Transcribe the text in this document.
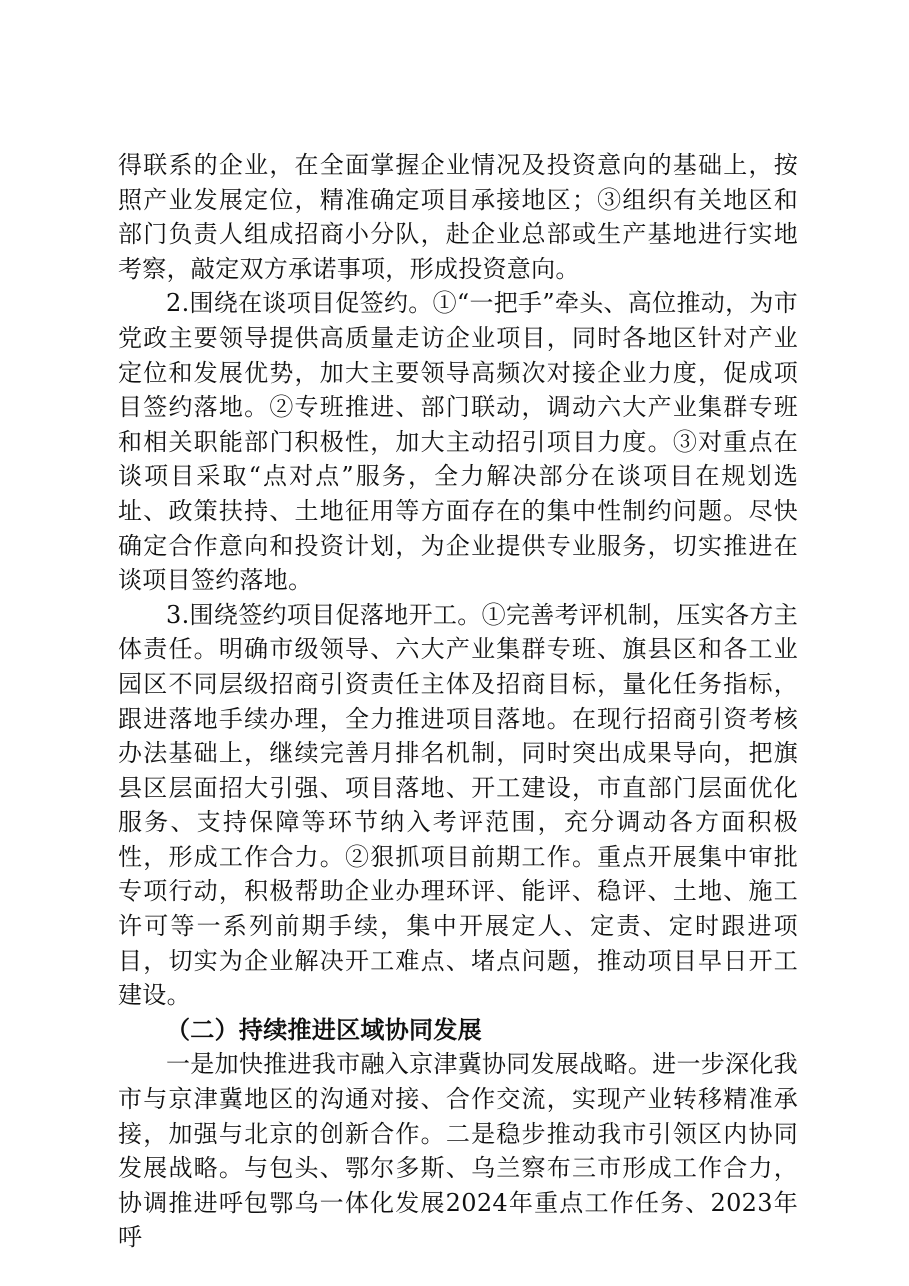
得联系的企业，在全面掌握企业情况及投资意向的基础上，按照产业发展定位，精准确定项目承接地区；③组织有关地区和部门负责人组成招商小分队，赴企业总部或生产基地进行实地考察，敲定双方承诺事项，形成投资意向。

2.围绕在谈项目促签约。①“一把手”牵头、高位推动，为市党政主要领导提供高质量走访企业项目，同时各地区针对产业定位和发展优势，加大主要领导高频次对接企业力度，促成项目签约落地。②专班推进、部门联动，调动六大产业集群专班和相关职能部门积极性，加大主动招引项目力度。③对重点在谈项目采取“点对点”服务，全力解决部分在谈项目在规划选址、政策扶持、土地征用等方面存在的集中性制约问题。尽快确定合作意向和投资计划，为企业提供专业服务，切实推进在谈项目签约落地。

3.围绕签约项目促落地开工。①完善考评机制，压实各方主体责任。明确市级领导、六大产业集群专班、旗县区和各工业园区不同层级招商引资责任主体及招商目标，量化任务指标，跟进落地手续办理，全力推进项目落地。在现行招商引资考核办法基础上，继续完善月排名机制，同时突出成果导向，把旗县区层面招大引强、项目落地、开工建设，市直部门层面优化服务、支持保障等环节纳入考评范围，充分调动各方面积极性，形成工作合力。②狠抓项目前期工作。重点开展集中审批专项行动，积极帮助企业办理环评、能评、稳评、土地、施工许可等一系列前期手续，集中开展定人、定责、定时跟进项目，切实为企业解决开工难点、堵点问题，推动项目早日开工建设。

（二）持续推进区域协同发展

一是加快推进我市融入京津冀协同发展战略。进一步深化我市与京津冀地区的沟通对接、合作交流，实现产业转移精准承接，加强与北京的创新合作。二是稳步推动我市引领区内协同发展战略。与包头、鄂尔多斯、乌兰察布三市形成工作合力，协调推进呼包鄂乌一体化发展2024年重点工作任务、2023年呼
